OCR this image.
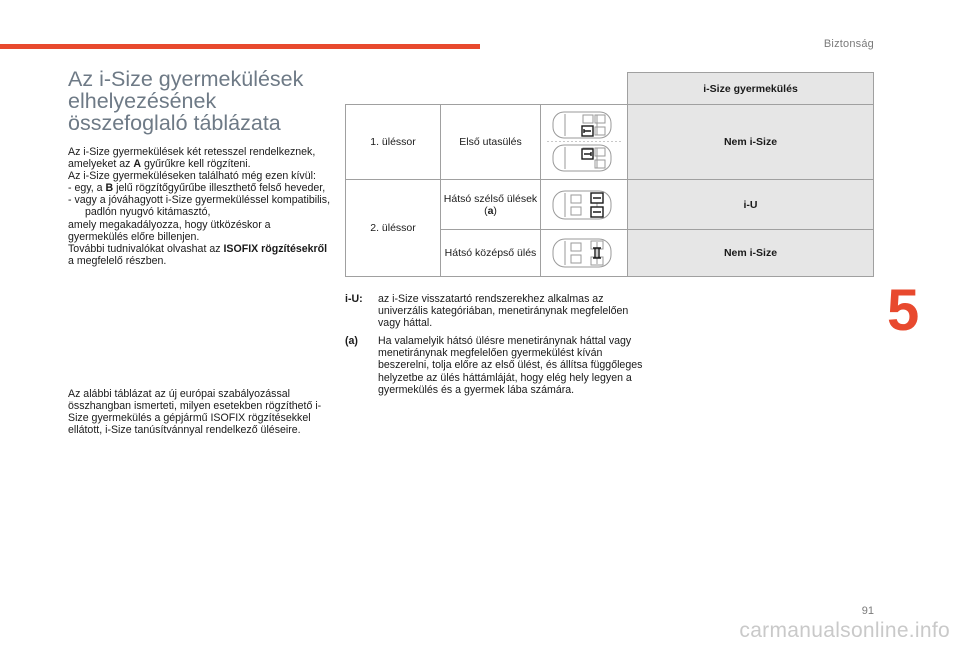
Biztonság
5
91
carmanualsonline.info
Az i-Size gyermekülések
elhelyezésének
összefoglaló táblázata

Az i-Size gyermekülések két retesszel rendelkeznek, amelyeket az A gyűrűkre kell rögzíteni.

Az i-Size gyermeküléseken található még ezen kívül:

- egy, a B jelű rögzítőgyűrűbe illeszthető felső heveder,

- vagy a jóváhagyott i-Size gyermeküléssel kompatibilis, padlón nyugvó kitámasztó,

amely megakadályozza, hogy ütközéskor a gyermekülés előre billenjen.

További tudnivalókat olvashat az ISOFIX rögzítésekről a megfelelő részben.

Az alábbi táblázat az új európai szabályozással összhangban ismerteti, milyen esetekben rögzíthető i-Size gyermekülés a gépjármű ISOFIX rögzítésekkel ellátott, i-Size tanúsítvánnyal rendelkező üléseire.

			i-Size gyermekülés
1. üléssor	Első utasülés		Nem i-Size
2. üléssor	Hátsó szélső ülések (a)		i-U
	Hátsó középső ülés		Nem i-Size
i-U: az i-Size visszatartó rendszerekhez alkalmas az univerzális kategóriában, menetiránynak megfelelően vagy háttal.
(a) Ha valamelyik hátsó ülésre menetiránynak háttal vagy menetiránynak megfelelően gyermekülést kíván beszerelni, tolja előre az első ülést, és állítsa függőleges helyzetbe az ülés háttámláját, hogy elég hely legyen a gyermekülés és a gyermek lába számára.
